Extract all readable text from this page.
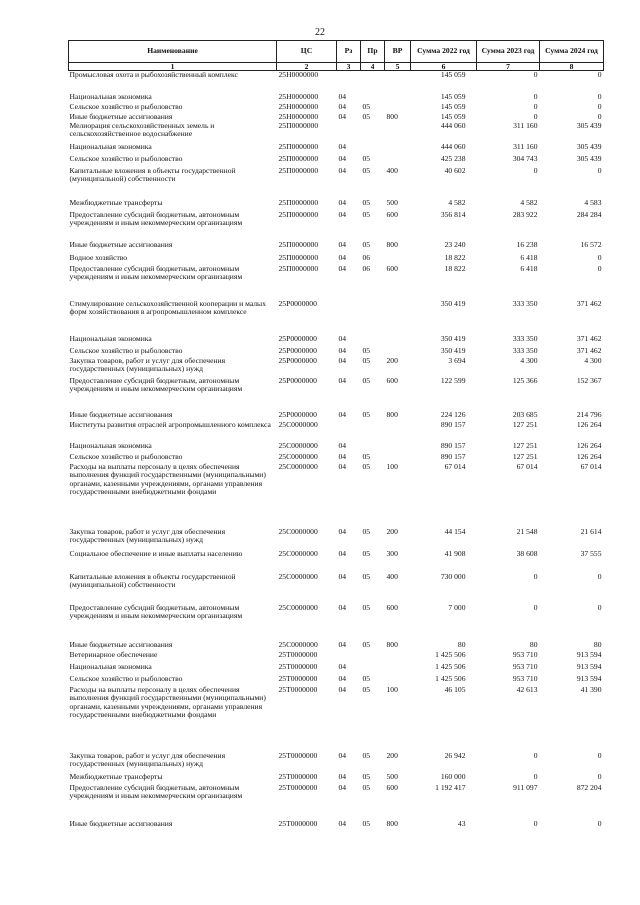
22
Наименование	ЦС	Рз	Пр	ВР	Сумма 2022 год	Сумма 2023 год	Сумма 2024 год
1	2	3	4	5	6	7	8
Промысловая охота и рыбохозяйственный комплекс	25Н0000000				145 059	0	0
Национальная экономика	25Н0000000	04			145 059	0	0
Сельское хозяйство и рыболовство	25Н0000000	04	05		145 059	0	0
Иные бюджетные ассигнования	25Н0000000	04	05	800	145 059	0	0
Мелиорация сельскохозяйственных земель и сельскохозяйственное водоснабжение	25П0000000				444 060	311 160	305 439
Национальная экономика	25П0000000	04			444 060	311 160	305 439
Сельское хозяйство и рыболовство	25П0000000	04	05		425 238	304 743	305 439
Капитальные вложения в объекты государственной (муниципальной) собственности	25П0000000	04	05	400	40 602	0	0
Межбюджетные трансферты	25П0000000	04	05	500	4 582	4 582	4 583
Предоставление субсидий бюджетным, автономным учреждениям и иным некоммерческим организациям	25П0000000	04	05	600	356 814	283 922	284 284
Иные бюджетные ассигнования	25П0000000	04	05	800	23 240	16 238	16 572
Водное хозяйство	25П0000000	04	06		18 822	6 418	0
Предоставление субсидий бюджетным, автономным учреждениям и иным некоммерческим организациям	25П0000000	04	06	600	18 822	6 418	0
Стимулирование сельскохозяйственной кооперации и малых форм хозяйствования в агропромышленном комплексе	25Р0000000				350 419	333 350	371 462
Национальная экономика	25Р0000000	04			350 419	333 350	371 462
Сельское хозяйство и рыболовство	25Р0000000	04	05		350 419	333 350	371 462
Закупка товаров, работ и услуг для обеспечения государственных (муниципальных) нужд	25Р0000000	04	05	200	3 694	4 300	4 300
Предоставление субсидий бюджетным, автономным учреждениям и иным некоммерческим организациям	25Р0000000	04	05	600	122 599	125 366	152 367
Иные бюджетные ассигнования	25Р0000000	04	05	800	224 126	203 685	214 796
Институты развития отраслей агропромышленного комплекса	25С0000000				890 157	127 251	126 264
Национальная экономика	25С0000000	04			890 157	127 251	126 264
Сельское хозяйство и рыболовство	25С0000000	04	05		890 157	127 251	126 264
Расходы на выплаты персоналу в целях обеспечения выполнения функций государственными (муниципальными) органами, казенными учреждениями, органами управления государственными внебюджетными фондами	25С0000000	04	05	100	67 014	67 014	67 014
Закупка товаров, работ и услуг для обеспечения государственных (муниципальных) нужд	25С0000000	04	05	200	44 154	21 548	21 614
Социальное обеспечение и иные выплаты населению	25С0000000	04	05	300	41 908	38 608	37 555
Капитальные вложения в объекты государственной (муниципальной) собственности	25С0000000	04	05	400	730 000	0	0
Предоставление субсидий бюджетным, автономным учреждениям и иным некоммерческим организациям	25С0000000	04	05	600	7 000	0	0
Иные бюджетные ассигнования	25С0000000	04	05	800	80	80	80
Ветеринарное обеспечение	25Т0000000				1 425 506	953 710	913 594
Национальная экономика	25Т0000000	04			1 425 506	953 710	913 594
Сельское хозяйство и рыболовство	25Т0000000	04	05		1 425 506	953 710	913 594
Расходы на выплаты персоналу в целях обеспечения выполнения функций государственными (муниципальными) органами, казенными учреждениями, органами управления государственными внебюджетными фондами	25Т0000000	04	05	100	46 105	42 613	41 390
Закупка товаров, работ и услуг для обеспечения государственных (муниципальных) нужд	25Т0000000	04	05	200	26 942	0	0
Межбюджетные трансферты	25Т0000000	04	05	500	160 000	0	0
Предоставление субсидий бюджетным, автономным учреждениям и иным некоммерческим организациям	25Т0000000	04	05	600	1 192 417	911 097	872 204
Иные бюджетные ассигнования	25Т0000000	04	05	800	43	0	0
